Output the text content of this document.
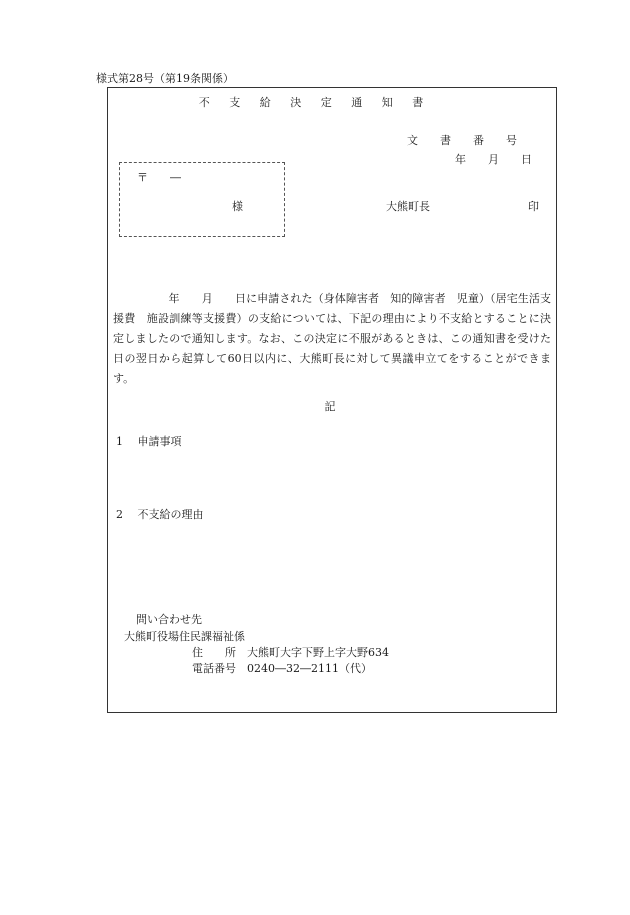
様式第28号（第19条関係）
不 支 給 決 定 通 知 書
文　　書　　番　　号
年　　月　　日
〒　　―
様	大熊町長	印

　　　　　年　　月　　日に申請された（身体障害者　知的障害者　児童）（居宅生活支援費　施設訓練等支援費）の支給については、下記の理由により不支給とすることに決定しましたので通知します。なお、この決定に不服があるときは、この通知書を受けた日の翌日から起算して60日以内に、大熊町長に対して異議申立てをすることができます。

記
1　 申請事項
2　 不支給の理由
問い合わせ先
大熊町役場住民課福祉係
住　　所　大熊町大字下野上字大野634
電話番号　0240―32―2111（代）
